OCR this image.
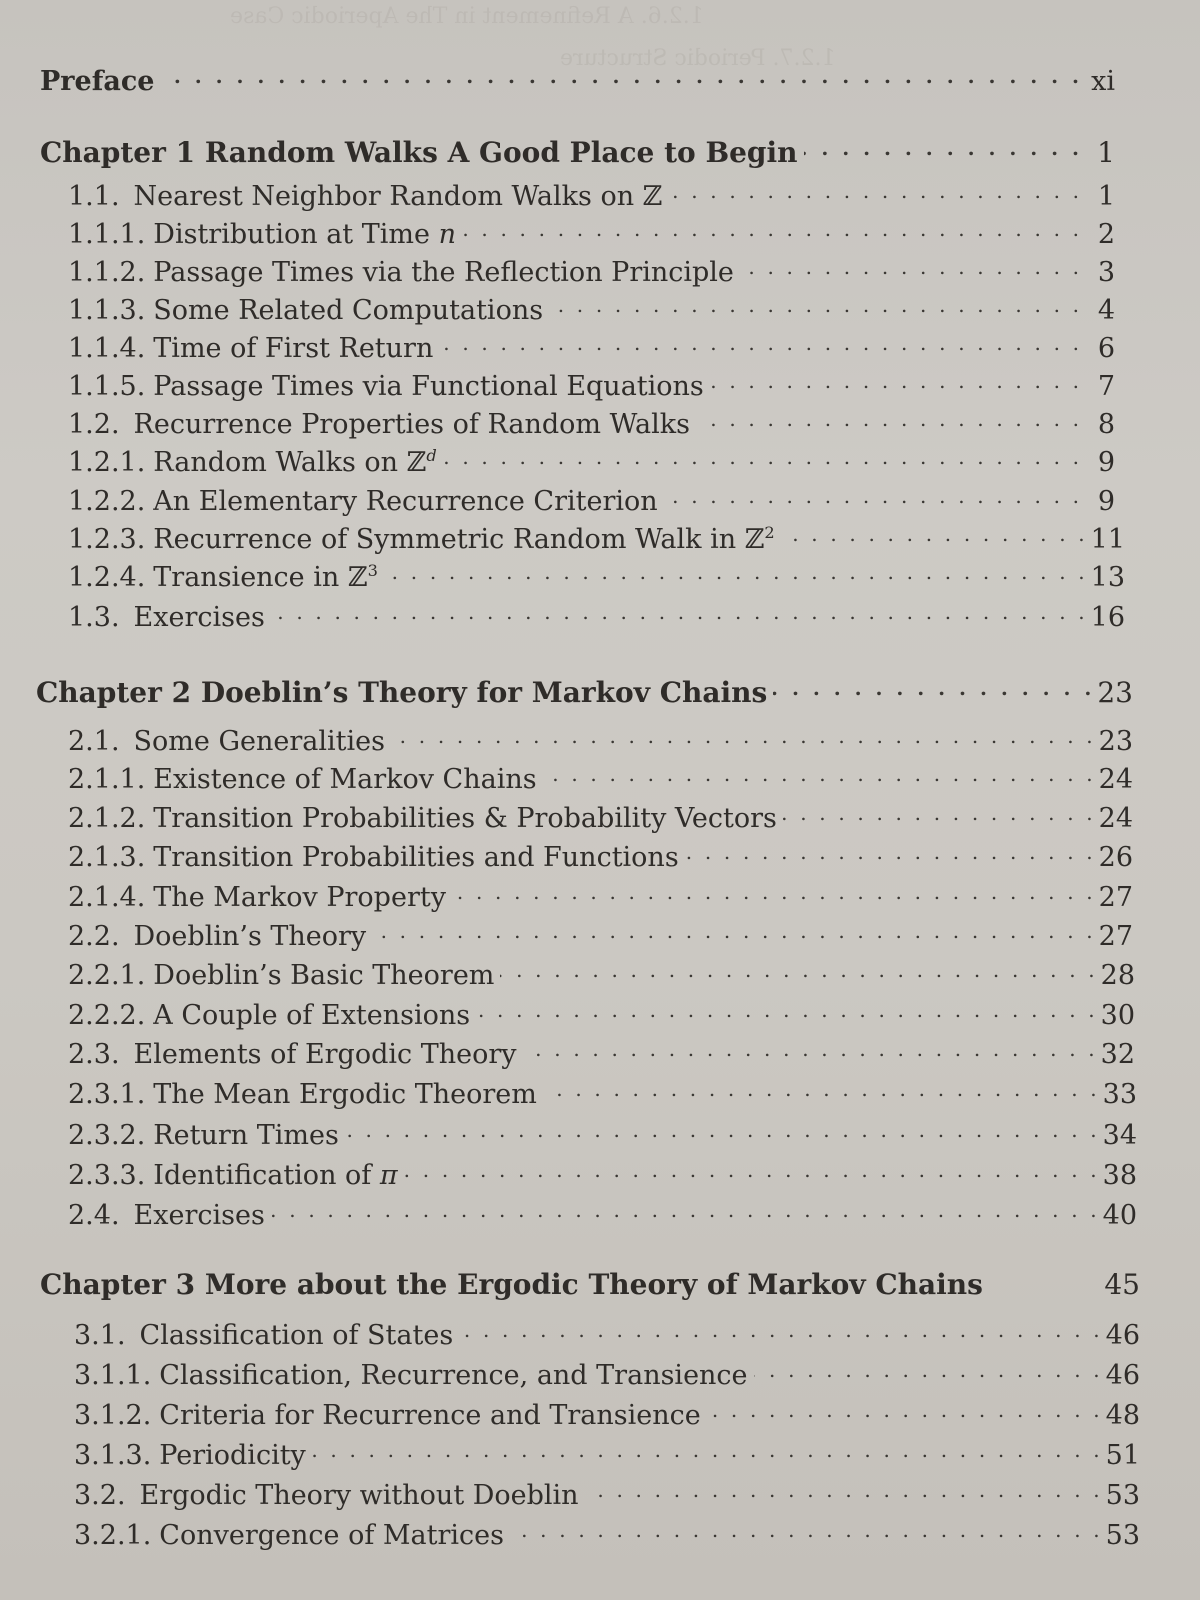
1.2.6. A Refinement in The Aperiodic Case
1.2.7. Periodic Structure
Preface . .	xi
Chapter 1 Random Walks A Good Place to Begin . .	1
1.1. Nearest Neighbor Random Walks on ℤ . .	1
1.1.1. Distribution at Time n . .	2
1.1.2. Passage Times via the Reflection Principle . .	3
1.1.3. Some Related Computations . .	4
1.1.4. Time of First Return . .	6
1.1.5. Passage Times via Functional Equations . .	7
1.2. Recurrence Properties of Random Walks . .	8
1.2.1. Random Walks on ℤ$^d$ . .	9
1.2.2. An Elementary Recurrence Criterion . .	9
1.2.3. Recurrence of Symmetric Random Walk in ℤ$^2$ . .	11
1.2.4. Transience in ℤ$^3$ . .	13
1.3. Exercises . .	16
Chapter 2 Doeblin’s Theory for Markov Chains . .	23
2.1. Some Generalities . .	23
2.1.1. Existence of Markov Chains . .	24
2.1.2. Transition Probabilities & Probability Vectors . .	24
2.1.3. Transition Probabilities and Functions . .	26
2.1.4. The Markov Property . .	27
2.2. Doeblin’s Theory . .	27
2.2.1. Doeblin’s Basic Theorem . .	28
2.2.2. A Couple of Extensions . .	30
2.3. Elements of Ergodic Theory . .	32
2.3.1. The Mean Ergodic Theorem . .	33
2.3.2. Return Times . .	34
2.3.3. Identification of π . .	38
2.4. Exercises . .	40
Chapter 3 More about the Ergodic Theory of Markov Chains	45
3.1. Classification of States . .	46
3.1.1. Classification, Recurrence, and Transience . .	46
3.1.2. Criteria for Recurrence and Transience . .	48
3.1.3. Periodicity . .	51
3.2. Ergodic Theory without Doeblin . .	53
3.2.1. Convergence of Matrices . .	53
